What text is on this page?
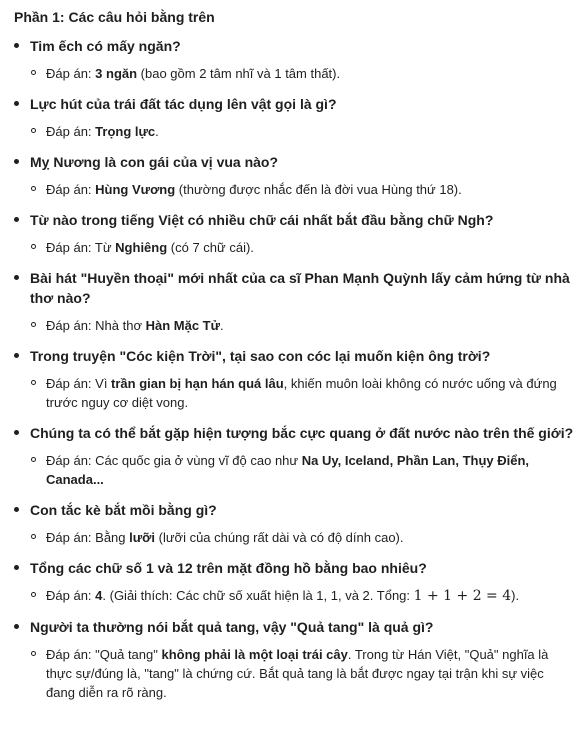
Phần 1: Các câu hỏi bằng trên
Tim ếch có mấy ngăn?
Đáp án: 3 ngăn (bao gồm 2 tâm nhĩ và 1 tâm thất).
Lực hút của trái đất tác dụng lên vật gọi là gì?
Đáp án: Trọng lực.
Mỵ Nương là con gái của vị vua nào?
Đáp án: Hùng Vương (thường được nhắc đến là đời vua Hùng thứ 18).
Từ nào trong tiếng Việt có nhiều chữ cái nhất bắt đầu bằng chữ Ngh?
Đáp án: Từ Nghiêng (có 7 chữ cái).
Bài hát "Huyền thoại" mới nhất của ca sĩ Phan Mạnh Quỳnh lấy cảm hứng từ nhà thơ nào?
Đáp án: Nhà thơ Hàn Mặc Tử.
Trong truyện "Cóc kiện Trời", tại sao con cóc lại muốn kiện ông trời?
Đáp án: Vì trần gian bị hạn hán quá lâu, khiến muôn loài không có nước uống và đứng trước nguy cơ diệt vong.
Chúng ta có thể bắt gặp hiện tượng bắc cực quang ở đất nước nào trên thế giới?
Đáp án: Các quốc gia ở vùng vĩ độ cao như Na Uy, Iceland, Phần Lan, Thụy Điển, Canada...
Con tắc kè bắt mồi bằng gì?
Đáp án: Bằng lưỡi (lưỡi của chúng rất dài và có độ dính cao).
Tổng các chữ số 1 và 12 trên mặt đồng hồ bằng bao nhiêu?
Đáp án: 4. (Giải thích: Các chữ số xuất hiện là 1, 1, và 2. Tổng: 1 + 1 + 2 = 4).
Người ta thường nói bắt quả tang, vậy "Quả tang" là quả gì?
Đáp án: "Quả tang" không phải là một loại trái cây. Trong từ Hán Việt, "Quả" nghĩa là thực sự/đúng là, "tang" là chứng cứ. Bắt quả tang là bắt được ngay tại trận khi sự việc đang diễn ra rõ ràng.
